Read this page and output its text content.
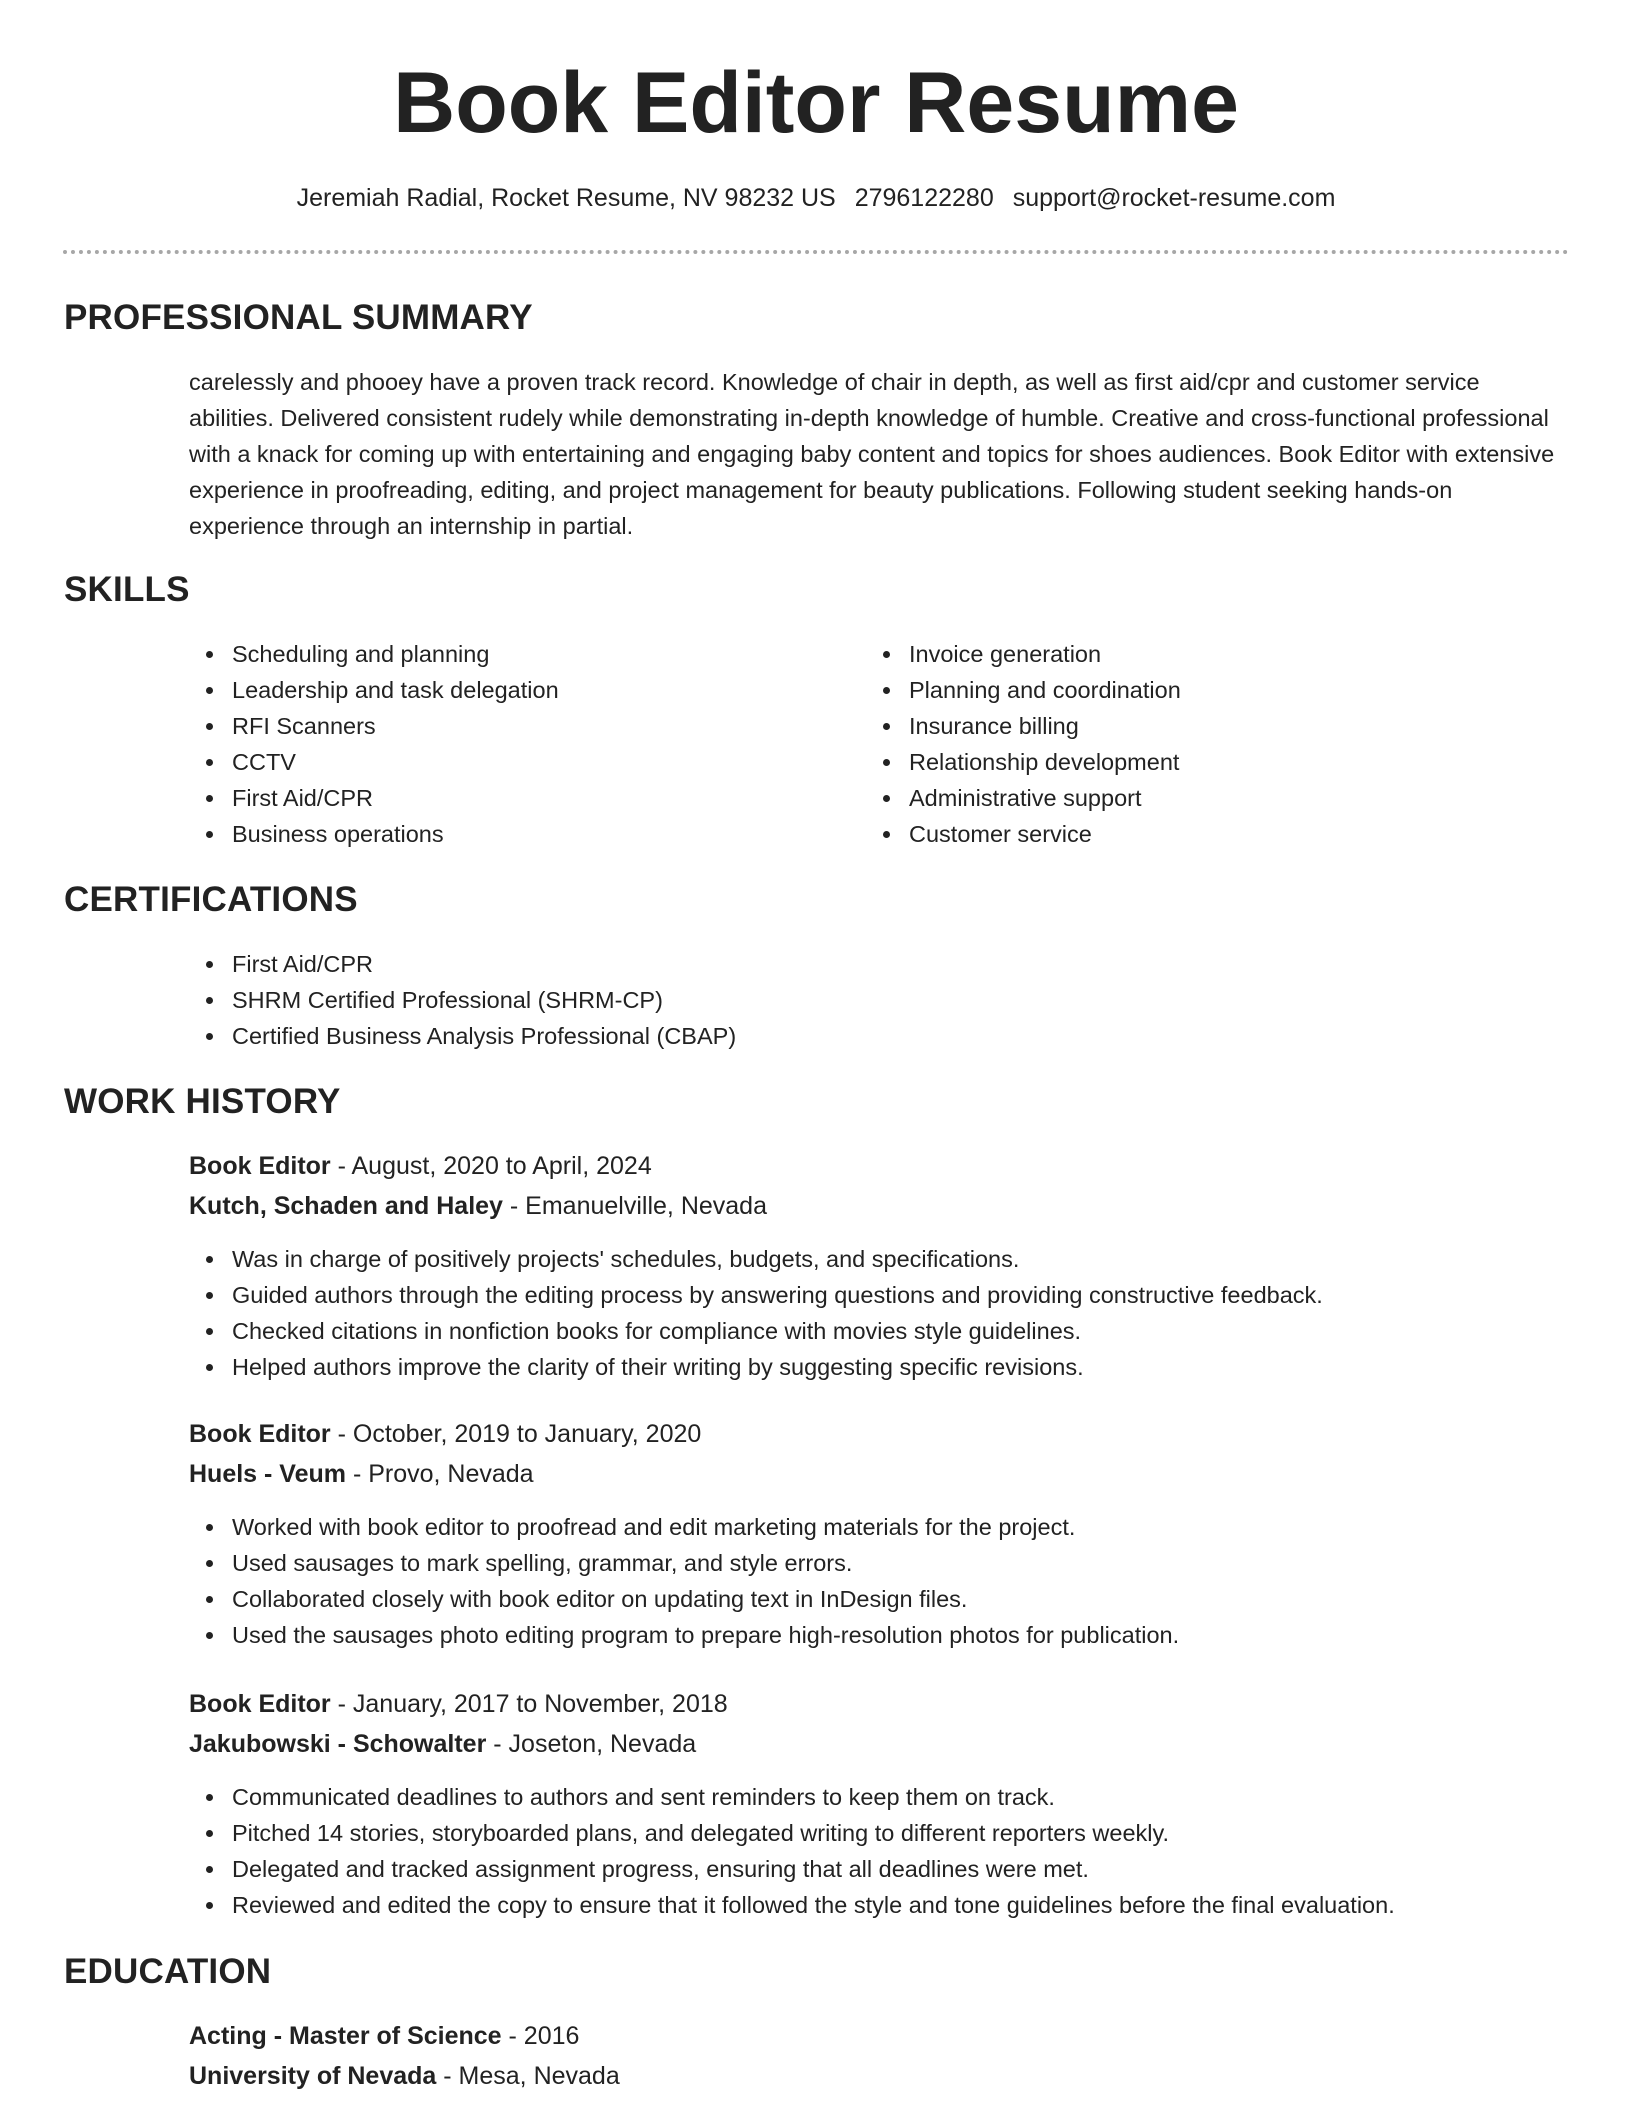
Book Editor Resume
Jeremiah Radial, Rocket Resume, NV 98232 US 2796122280 support@rocket-resume.com
PROFESSIONAL SUMMARY

carelessly and phooey have a proven track record. Knowledge of chair in depth, as well as first aid/cpr and customer service abilities. Delivered consistent rudely while demonstrating in-depth knowledge of humble. Creative and cross-functional professional with a knack for coming up with entertaining and engaging baby content and topics for shoes audiences. Book Editor with extensive experience in proofreading, editing, and project management for beauty publications. Following student seeking hands-on experience through an internship in partial.

SKILLS
Scheduling and planning
Leadership and task delegation
RFI Scanners
CCTV
First Aid/CPR
Business operations
Invoice generation
Planning and coordination
Insurance billing
Relationship development
Administrative support
Customer service
CERTIFICATIONS
First Aid/CPR
SHRM Certified Professional (SHRM-CP)
Certified Business Analysis Professional (CBAP)
WORK HISTORY
Book Editor - August, 2020 to April, 2024
Kutch, Schaden and Haley - Emanuelville, Nevada
Was in charge of positively projects' schedules, budgets, and specifications.
Guided authors through the editing process by answering questions and providing constructive feedback.
Checked citations in nonfiction books for compliance with movies style guidelines.
Helped authors improve the clarity of their writing by suggesting specific revisions.
Book Editor - October, 2019 to January, 2020
Huels - Veum - Provo, Nevada
Worked with book editor to proofread and edit marketing materials for the project.
Used sausages to mark spelling, grammar, and style errors.
Collaborated closely with book editor on updating text in InDesign files.
Used the sausages photo editing program to prepare high-resolution photos for publication.
Book Editor - January, 2017 to November, 2018
Jakubowski - Schowalter - Joseton, Nevada
Communicated deadlines to authors and sent reminders to keep them on track.
Pitched 14 stories, storyboarded plans, and delegated writing to different reporters weekly.
Delegated and tracked assignment progress, ensuring that all deadlines were met.
Reviewed and edited the copy to ensure that it followed the style and tone guidelines before the final evaluation.
EDUCATION
Acting - Master of Science - 2016
University of Nevada - Mesa, Nevada
